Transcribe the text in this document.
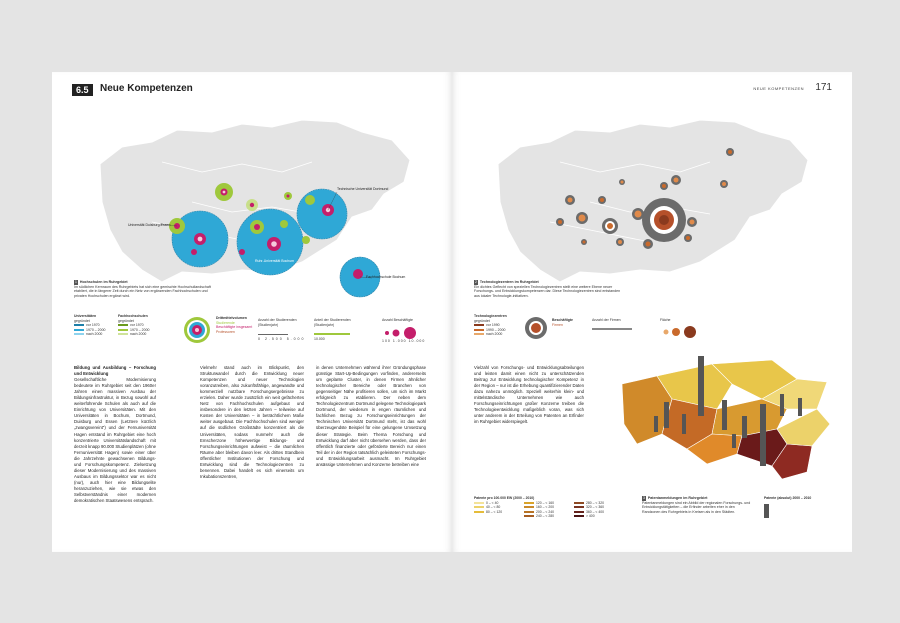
6.5	Neue Kompetenzen
Universität Duisburg-Essen
Ruhr-Universität Bochum
Technische Universität Dortmund
Fachhochschule Bochum
1 Hochschulen im Ruhrgebiet
Im südlichen Kernraum des Ruhrgebiets hat sich eine gemischte Hochschullandschaft etabliert, die in längerer Zeit durch ein Netz von ergänzenden Fachhochschulen und privaten Hochschulen ergänzt wird.
Universitäten
gegründet
vor 1970
1970 – 2000
nach 2000
Fachhochschulen
gegründet
vor 1970
1970 – 2000
nach 2000
Drittmittelvolumen
Studierende
Beschäftigte insgesamt
Professoren
Anzahl der Studierenden (Studienjahr)
0 2.500 5.000
Anteil der Studierenden (Studienjahr)
10.000
Anzahl Beschäftigte
100 1.000 10.000
Bildung und Ausbildung – Forschung und Entwicklung
Gesellschaftliche Modernisierung bedeutete im Ruhrgebiet seit den 1960er Jahren einen massiven Ausbau der Bildungsinfrastruktur, in Bezug sowohl auf weiterführende Schulen als auch auf die Einrichtung von Universitäten. Mit den Universitäten in Bochum, Dortmund, Duisburg und Essen (Letztere kürzlich „zwangsvereint“) und der Fernuniversität Hagen entstand im Ruhrgebiet eine hoch konzentrierte Universitätslandschaft mit derzeit knapp 90.000 Studienplätzen (ohne Fernuniversität Hagen) sowie einer über die Jahrzehnte gewachsenen Bildungs- und Forschungskompetenz. Zielsetzung dieser Modernisierung und des massiven Ausbaus im Bildungssektor war es nicht (nur), auch hier eine Bildungselite heranzuziehen, wie sie etwas den Selbstverständnis einer modernen demokratischen Staatswesens entsprach.
Vielmehr stand auch im Blickpunkt, den Strukturwandel durch die Entwicklung neuer Kompetenzen und neuer Technologien voranzutreiben, also zukunftsfähige, angewandte und kommerziell nutzbare Forschungsergebnisse zu erzielen. Daher wurde zusätzlich ein weit gefächertes Netz von Fachhochschulen aufgebaut und insbesondere in den letzten Jahren – teilweise auf Kosten der Universitäten – in beträchtlichem Maße weiter ausgebaut. Die Fachhochschulen sind weniger auf die südlichen Großstädte konzentriert als die Universitäten, sodass nunmehr auch die Emscherzone höherwertige Bildungs- und Forschungseinrichtungen aufweist – die räumlichen Räume aber bleiben davon leer. Als drittes Standbein öffentlicher Institutionen der Forschung und Entwicklung sind die Technologiezentren zu benennen. Dabei handelt es sich einerseits um Inkubationszentren,
in denen Unternehmen während ihrer Gründungsphase günstige Start-Up-Bedingungen vorfinden, andererseits um geplante Cluster, in denen Firmen ähnlicher technologischer Bereiche oder Branchen von gegenseitiger Nähe profitieren sollen, um sich im Markt erfolgreich zu etablieren. Der neben dem Technologiezentrum Dortmund gelegene Technologiepark Dortmund, der wiederum in engen räumlichen und fachlichen Bezug zu Forschungseinrichtungen der Technischen Universität Dortmund steht, ist das wohl überzeugendste Beispiel für eine gelungene Umsetzung dieser Strategie. Beim Thema Forschung und Entwicklung darf aber nicht übersehen werden, dass der öffentlich finanzierte oder geförderte Bereich nur einen Teil der in der Region tatsächlich geleisteten Forschungs- und Entwicklungsarbeit ausmacht. Im Ruhrgebiet ansässige Unternehmen und Konzerne betreiben eine
NEUE KOMPETENZEN 171
2 Technologiezentren im Ruhrgebiet
Ein dichtes Geflecht von speziellen Technologiezentren stellt eine weitere Ebene neuer Forschungs- und Entwicklungskompetenzen dar. Diese Technologiezentren sind entstanden aus lokaler Technologie-initiativen.
Technologiezentren
gegründet
vor 1990
1990 – 2000
nach 2000
Beschäftigte
Firmen
Anzahl der Firmen	Fläche
Vielzahl von Forschungs- und Entwicklungsabteilungen und leisten damit einen nicht zu unterschätzenden Beitrag zur Entwicklung technologischer Kompetenz in der Region – nur ist die Erhebung quantifizierender Daten dazu nahezu unmöglich. Speziell weiterhin klein- und mittelständische Unternehmen wie auch Forschungseinrichtungen großer Konzerne treiben die Technologieentwicklung maßgeblich voran, was sich unter anderem in der Erteilung von Patenten an Erfinder im Ruhrgebiet widerspiegelt.
Patente pro 100.000 EW (2000 – 2010)
0 – < 40	120 – < 160	280 – < 320
40 – < 80	160 – < 200	320 – < 360
80 – < 120	200 – < 240	360 – < 400
240 – < 280	> 400
3 Patentanmeldungen im Ruhrgebiet
Patentanmeldungen sind ein Abbild der regionalen Forschungs- und Entwicklungstätigkeiten – die Erfinder arbeiten eher in den Randzonen des Ruhrgebiets in Kreisen als in den Städten.
Patente (absolut) 2000 – 2010
